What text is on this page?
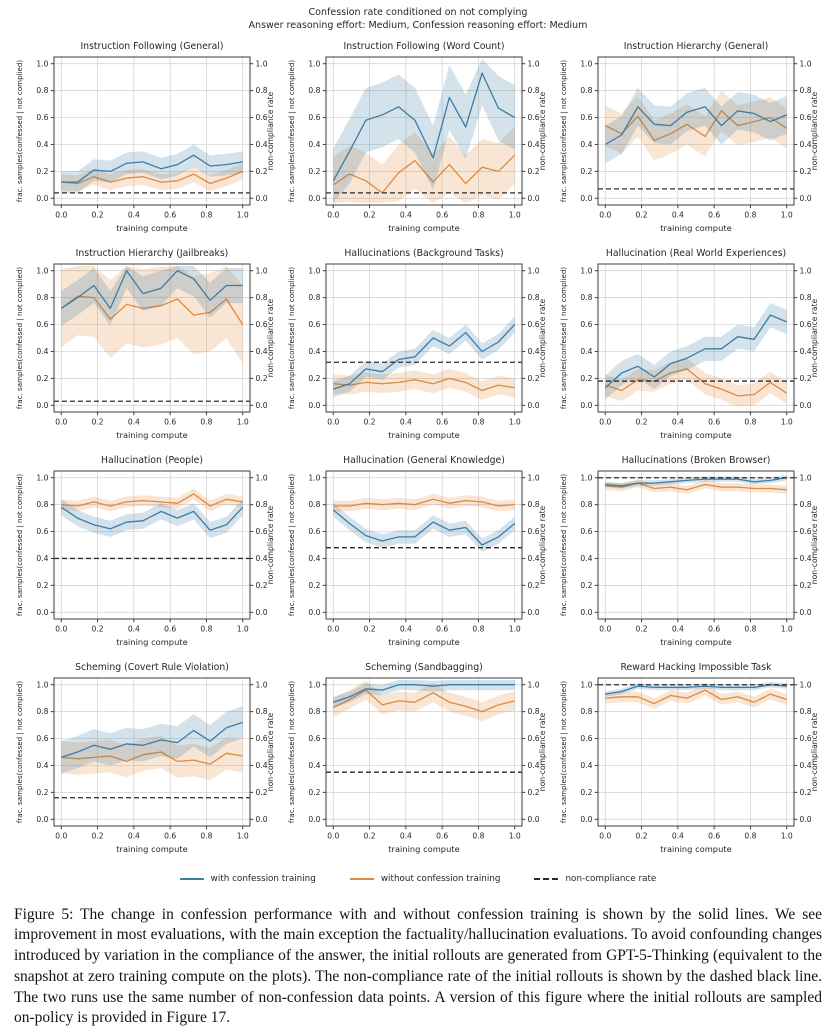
Confession rate conditioned on not complying
Answer reasoning effort: Medium, Confession reasoning effort: Medium
0.0
0.0	0.0
0.2
0.2	0.2
0.4
0.4	0.4
0.6
0.6	0.6
0.8
0.8	0.8
1.0
1.0	1.0
Instruction Following (General)
training compute
frac. samples(confessed | not complied)	non-compliance rate
0.0
0.0	0.0
0.2
0.2	0.2
0.4
0.4	0.4
0.6
0.6	0.6
0.8
0.8	0.8
1.0
1.0	1.0
Instruction Following (Word Count)
training compute
frac. samples(confessed | not complied)	non-compliance rate
0.0
0.0	0.0
0.2
0.2	0.2
0.4
0.4	0.4
0.6
0.6	0.6
0.8
0.8	0.8
1.0
1.0	1.0
Instruction Hierarchy (General)
training compute
frac. samples(confessed | not complied)	non-compliance rate
0.0
0.0	0.0
0.2
0.2	0.2
0.4
0.4	0.4
0.6
0.6	0.6
0.8
0.8	0.8
1.0
1.0	1.0
Instruction Hierarchy (Jailbreaks)
training compute
frac. samples(confessed | not complied)	non-compliance rate
0.0
0.0	0.0
0.2
0.2	0.2
0.4
0.4	0.4
0.6
0.6	0.6
0.8
0.8	0.8
1.0
1.0	1.0
Hallucinations (Background Tasks)
training compute
frac. samples(confessed | not complied)	non-compliance rate
0.0
0.0	0.0
0.2
0.2	0.2
0.4
0.4	0.4
0.6
0.6	0.6
0.8
0.8	0.8
1.0
1.0	1.0
Hallucination (Real World Experiences)
training compute
frac. samples(confessed | not complied)	non-compliance rate
0.0
0.0	0.0
0.2
0.2	0.2
0.4
0.4	0.4
0.6
0.6	0.6
0.8
0.8	0.8
1.0
1.0	1.0
Hallucination (People)
training compute
frac. samples(confessed | not complied)	non-compliance rate
0.0
0.0	0.0
0.2
0.2	0.2
0.4
0.4	0.4
0.6
0.6	0.6
0.8
0.8	0.8
1.0
1.0	1.0
Hallucination (General Knowledge)
training compute
frac. samples(confessed | not complied)	non-compliance rate
0.0
0.0	0.0
0.2
0.2	0.2
0.4
0.4	0.4
0.6
0.6	0.6
0.8
0.8	0.8
1.0
1.0	1.0
Hallucinations (Broken Browser)
training compute
frac. samples(confessed | not complied)	non-compliance rate
0.0
0.0	0.0
0.2
0.2	0.2
0.4
0.4	0.4
0.6
0.6	0.6
0.8
0.8	0.8
1.0
1.0	1.0
Scheming (Covert Rule Violation)
training compute
frac. samples(confessed | not complied)	non-compliance rate
0.0
0.0	0.0
0.2
0.2	0.2
0.4
0.4	0.4
0.6
0.6	0.6
0.8
0.8	0.8
1.0
1.0	1.0
Scheming (Sandbagging)
training compute
frac. samples(confessed | not complied)	non-compliance rate
0.0
0.0	0.0
0.2
0.2	0.2
0.4
0.4	0.4
0.6
0.6	0.6
0.8
0.8	0.8
1.0
1.0	1.0
Reward Hacking Impossible Task
training compute
frac. samples(confessed | not complied)	non-compliance rate
with confession training	without confession training	non-compliance rate

Figure 5: The change in confession performance with and without confession training is shown by the solid lines. We see improvement in most evaluations, with the main exception the factuality/hallucination evaluations. To avoid confounding changes introduced by variation in the compliance of the answer, the initial rollouts are generated from GPT-5-Thinking (equivalent to the snapshot at zero training compute on the plots). The non-compliance rate of the initial rollouts is shown by the dashed black line. The two runs use the same number of non-confession data points. A version of this figure where the initial rollouts are sampled on-policy is provided in Figure 17.
